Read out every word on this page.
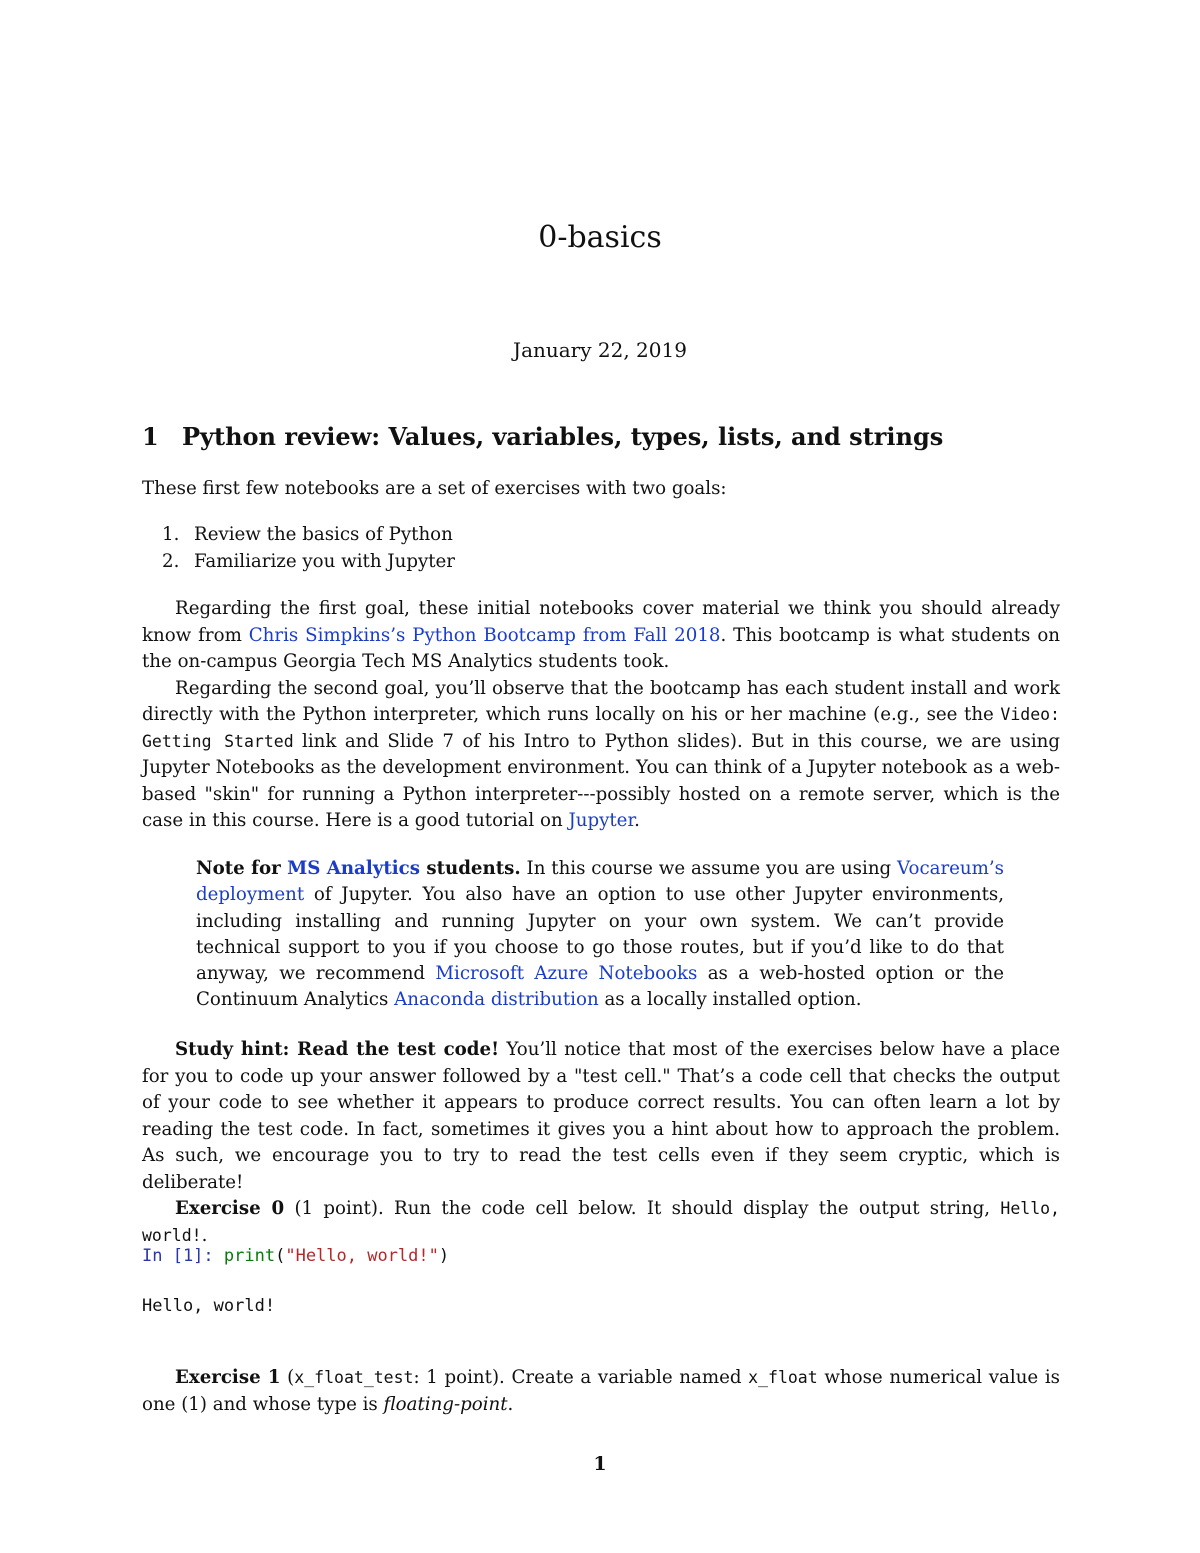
0-basics
January 22, 2019
1 Python review: Values, variables, types, lists, and strings
These first few notebooks are a set of exercises with two goals:
1. Review the basics of Python
2. Familiarize you with Jupyter

Regarding the first goal, these initial notebooks cover material we think you should already know from Chris Simpkins’s Python Bootcamp from Fall 2018. This bootcamp is what students on the on-campus Georgia Tech MS Analytics students took.

Regarding the second goal, you’ll observe that the bootcamp has each student install and work directly with the Python interpreter, which runs locally on his or her machine (e.g., see the Video: Getting Started link and Slide 7 of his Intro to Python slides). But in this course, we are using Jupyter Notebooks as the development environment. You can think of a Jupyter notebook as a web-based "skin" for running a Python interpreter---possibly hosted on a remote server, which is the case in this course. Here is a good tutorial on Jupyter.

Note for MS Analytics students. In this course we assume you are using Vocareum’s deployment of Jupyter. You also have an option to use other Jupyter environments, including installing and running Jupyter on your own system. We can’t provide technical support to you if you choose to go those routes, but if you’d like to do that anyway, we recommend Microsoft Azure Notebooks as a web-hosted option or the Continuum Analytics Anaconda distribution as a locally installed option.

Study hint: Read the test code! You’ll notice that most of the exercises below have a place for you to code up your answer followed by a "test cell." That’s a code cell that checks the output of your code to see whether it appears to produce correct results. You can often learn a lot by reading the test code. In fact, sometimes it gives you a hint about how to approach the problem. As such, we encourage you to try to read the test cells even if they seem cryptic, which is deliberate!

Exercise 0 (1 point). Run the code cell below. It should display the output string, Hello, world!.

In [1]: print("Hello, world!")
Hello, world!

Exercise 1 (x_float_test: 1 point). Create a variable named x_float whose numerical value is one (1) and whose type is floating-point.

1
